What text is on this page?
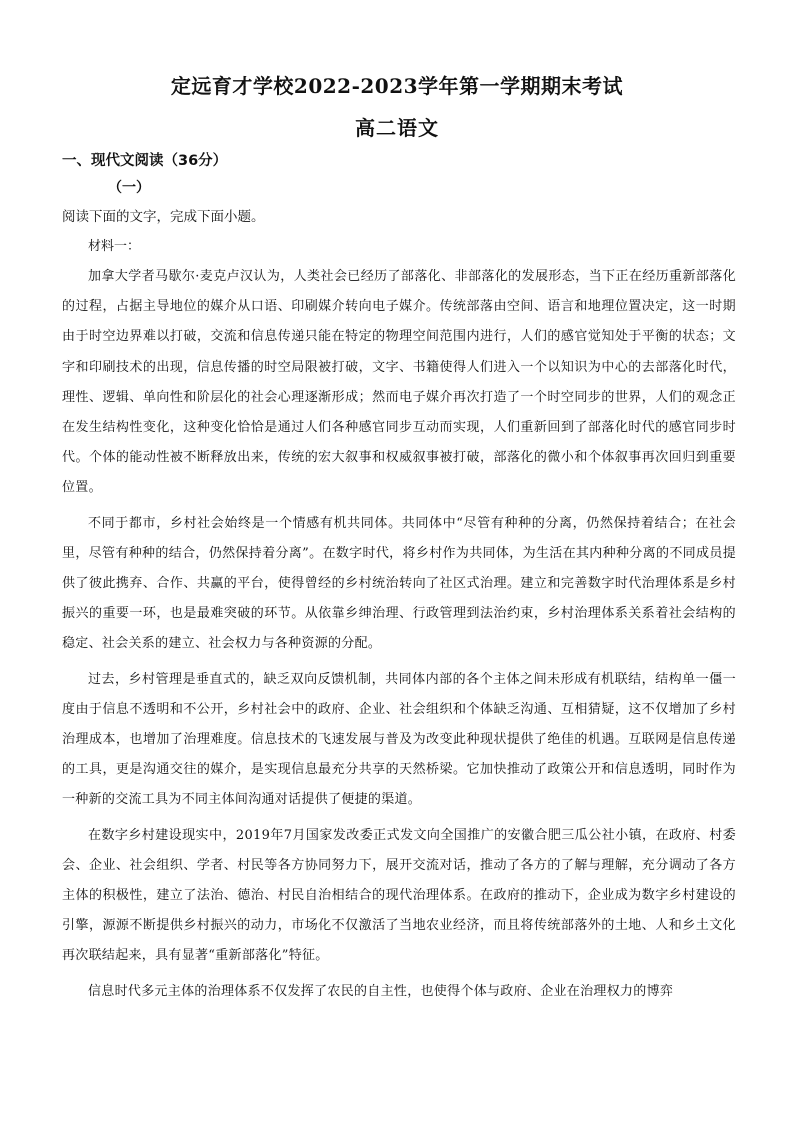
定远育才学校2022-2023学年第一学期期末考试
高二语文
一、现代文阅读（36分）
（一）
阅读下面的文字，完成下面小题。
材料一：

加拿大学者马歇尔·麦克卢汉认为，人类社会已经历了部落化、非部落化的发展形态，当下正在经历重新部落化的过程，占据主导地位的媒介从口语、印刷媒介转向电子媒介。传统部落由空间、语言和地理位置决定，这一时期由于时空边界难以打破，交流和信息传递只能在特定的物理空间范围内进行，人们的感官觉知处于平衡的状态；文字和印刷技术的出现，信息传播的时空局限被打破，文字、书籍使得人们进入一个以知识为中心的去部落化时代，理性、逻辑、单向性和阶层化的社会心理逐渐形成；然而电子媒介再次打造了一个时空同步的世界，人们的观念正在发生结构性变化，这种变化恰恰是通过人们各种感官同步互动而实现，人们重新回到了部落化时代的感官同步时代。个体的能动性被不断释放出来，传统的宏大叙事和权威叙事被打破，部落化的微小和个体叙事再次回归到重要位置。

不同于都市，乡村社会始终是一个情感有机共同体。共同体中“尽管有种种的分离，仍然保持着结合；在社会里，尽管有种种的结合，仍然保持着分离”。在数字时代，将乡村作为共同体，为生活在其内种种分离的不同成员提供了彼此携弃、合作、共赢的平台，使得曾经的乡村统治转向了社区式治理。建立和完善数字时代治理体系是乡村振兴的重要一环，也是最难突破的环节。从依靠乡绅治理、行政管理到法治约束，乡村治理体系关系着社会结构的稳定、社会关系的建立、社会权力与各种资源的分配。

过去，乡村管理是垂直式的，缺乏双向反馈机制，共同体内部的各个主体之间未形成有机联结，结构单一僵一度由于信息不透明和不公开，乡村社会中的政府、企业、社会组织和个体缺乏沟通、互相猜疑，这不仅增加了乡村治理成本，也增加了治理难度。信息技术的飞速发展与普及为改变此种现状提供了绝佳的机遇。互联网是信息传递的工具，更是沟通交往的媒介，是实现信息最充分共享的天然桥梁。它加快推动了政策公开和信息透明，同时作为一种新的交流工具为不同主体间沟通对话提供了便捷的渠道。

在数字乡村建设现实中，2019年7月国家发改委正式发文向全国推广的安徽合肥三瓜公社小镇，在政府、村委会、企业、社会组织、学者、村民等各方协同努力下，展开交流对话，推动了各方的了解与理解，充分调动了各方主体的积极性，建立了法治、德治、村民自治相结合的现代治理体系。在政府的推动下，企业成为数字乡村建设的引擎，源源不断提供乡村振兴的动力，市场化不仅激活了当地农业经济，而且将传统部落外的土地、人和乡土文化再次联结起来，具有显著“重新部落化”特征。

信息时代多元主体的治理体系不仅发挥了农民的自主性，也使得个体与政府、企业在治理权力的博弈
